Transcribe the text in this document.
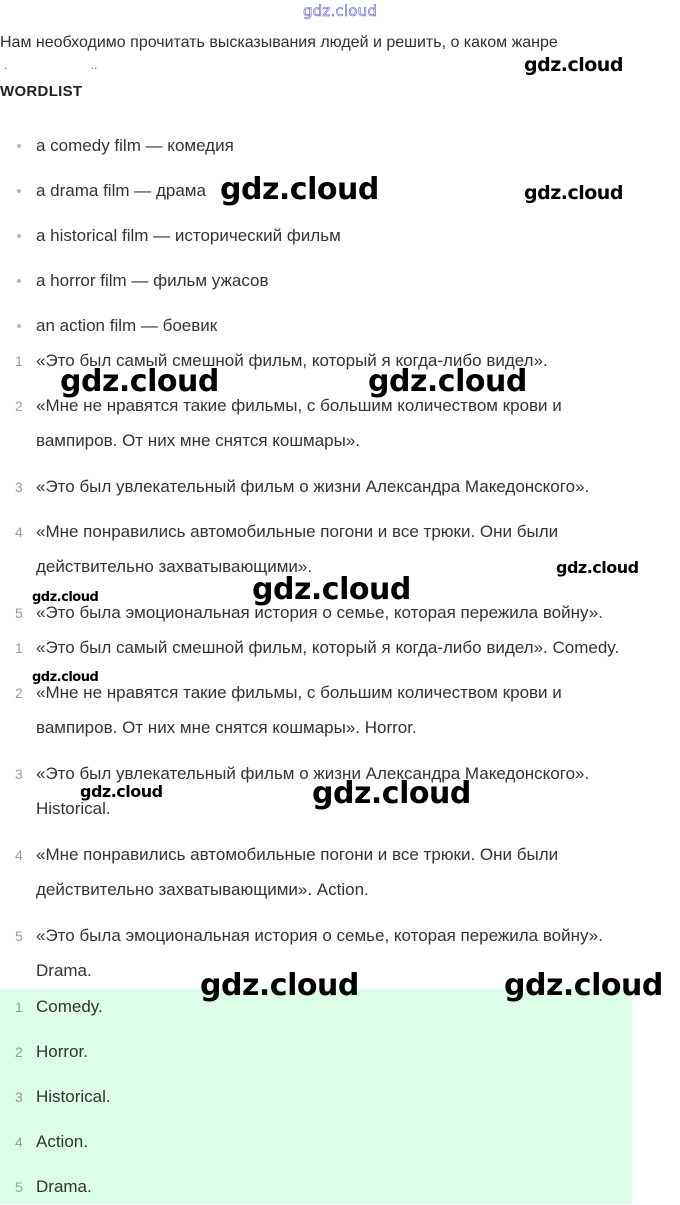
gdz.cloud
Нам необходимо прочитать высказывания людей и решить, о каком жанре
.                         ..
WORDLIST
a comedy film — комедия
a drama film — драма
a historical film — исторический фильм
a horror film — фильм ужасов
an action film — боевик
1 «Это был самый смешной фильм, который я когда-либо видел».
2 «Мне не нравятся такие фильмы, с большим количеством крови и
вампиров. От них мне снятся кошмары».
3 «Это был увлекательный фильм о жизни Александра Македонского».
4 «Мне понравились автомобильные погони и все трюки. Они были
действительно захватывающими».
5 «Это была эмоциональная история о семье, которая пережила войну».
1 «Это был самый смешной фильм, который я когда-либо видел». Comedy.
2 «Мне не нравятся такие фильмы, с большим количеством крови и
вампиров. От них мне снятся кошмары». Horror.
3 «Это был увлекательный фильм о жизни Александра Македонского».
Historical.
4 «Мне понравились автомобильные погони и все трюки. Они были
действительно захватывающими». Action.
5 «Это была эмоциональная история о семье, которая пережила войну».
Drama.
1 Comedy.
2 Horror.
3 Historical.
4 Action.
5 Drama.
gdz.cloud
gdz.cloud	gdz.cloud
gdz.cloud	gdz.cloud
gdz.cloud
gdz.cloud
gdz.cloud
gdz.cloud
gdz.cloud	gdz.cloud
gdz.cloud	gdz.cloud
